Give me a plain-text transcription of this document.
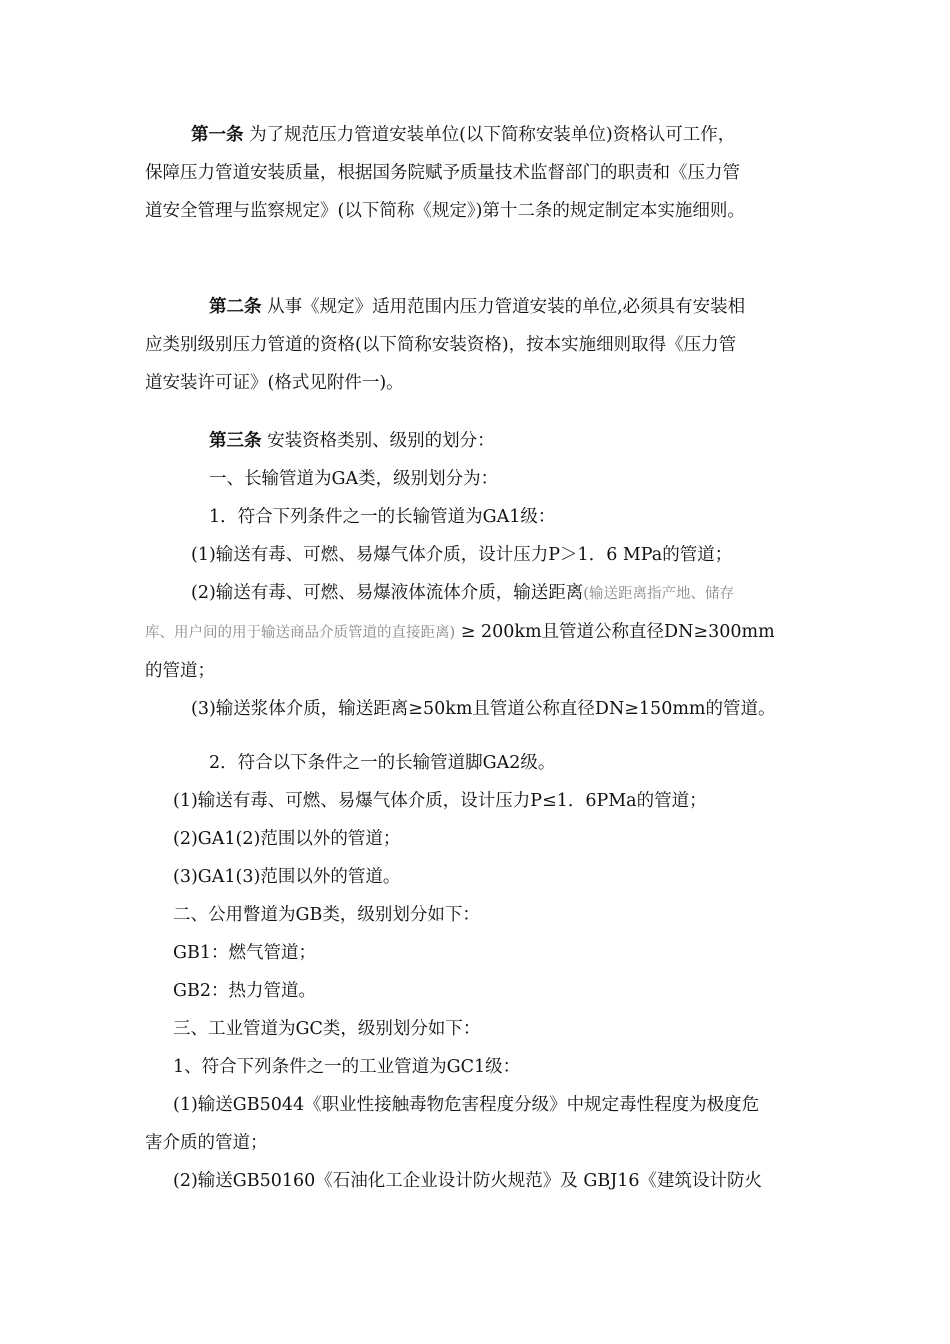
第一条 为了规范压力管道安装单位(以下简称安装单位)资格认可工作，
保障压力管道安装质量，根据国务院赋予质量技术监督部门的职责和《压力管
道安全管理与监察规定》(以下简称《规定》)第十二条的规定制定本实施细则。
第二条 从事《规定》适用范围内压力管道安装的单位,必须具有安装相
应类别级别压力管道的资格(以下简称安装资格)，按本实施细则取得《压力管
道安装许可证》(格式见附件一)。
第三条 安装资格类别、级别的划分：
一、长输管道为GA类，级别划分为：
1．符合下列条件之一的长输管道为GA1级：
(1)输送有毒、可燃、易爆气体介质，设计压力P＞1．6 MPa的管道；
(2)输送有毒、可燃、易爆液体流体介质，输送距离(输送距离指产地、储存
库、用户间的用于输送商品介质管道的直接距离) ≥ 200km且管道公称直径DN≥300mm
的管道；
(3)输送浆体介质，输送距离≥50km且管道公称直径DN≥150mm的管道。
2．符合以下条件之一的长输管道脚GA2级。
(1)输送有毒、可燃、易爆气体介质，设计压力P≤1．6PMa的管道；
(2)GA1(2)范围以外的管道；
(3)GA1(3)范围以外的管道。
二、公用瞥道为GB类，级别划分如下：
GB1：燃气管道；
GB2：热力管道。
三、工业管道为GC类，级别划分如下：
1、符合下列条件之一的工业管道为GC1级：
(1)输送GB5044《职业性接触毒物危害程度分级》中规定毒性程度为极度危
害介质的管道；
(2)输送GB50160《石油化工企业设计防火规范》及 GBJ16《建筑设计防火
